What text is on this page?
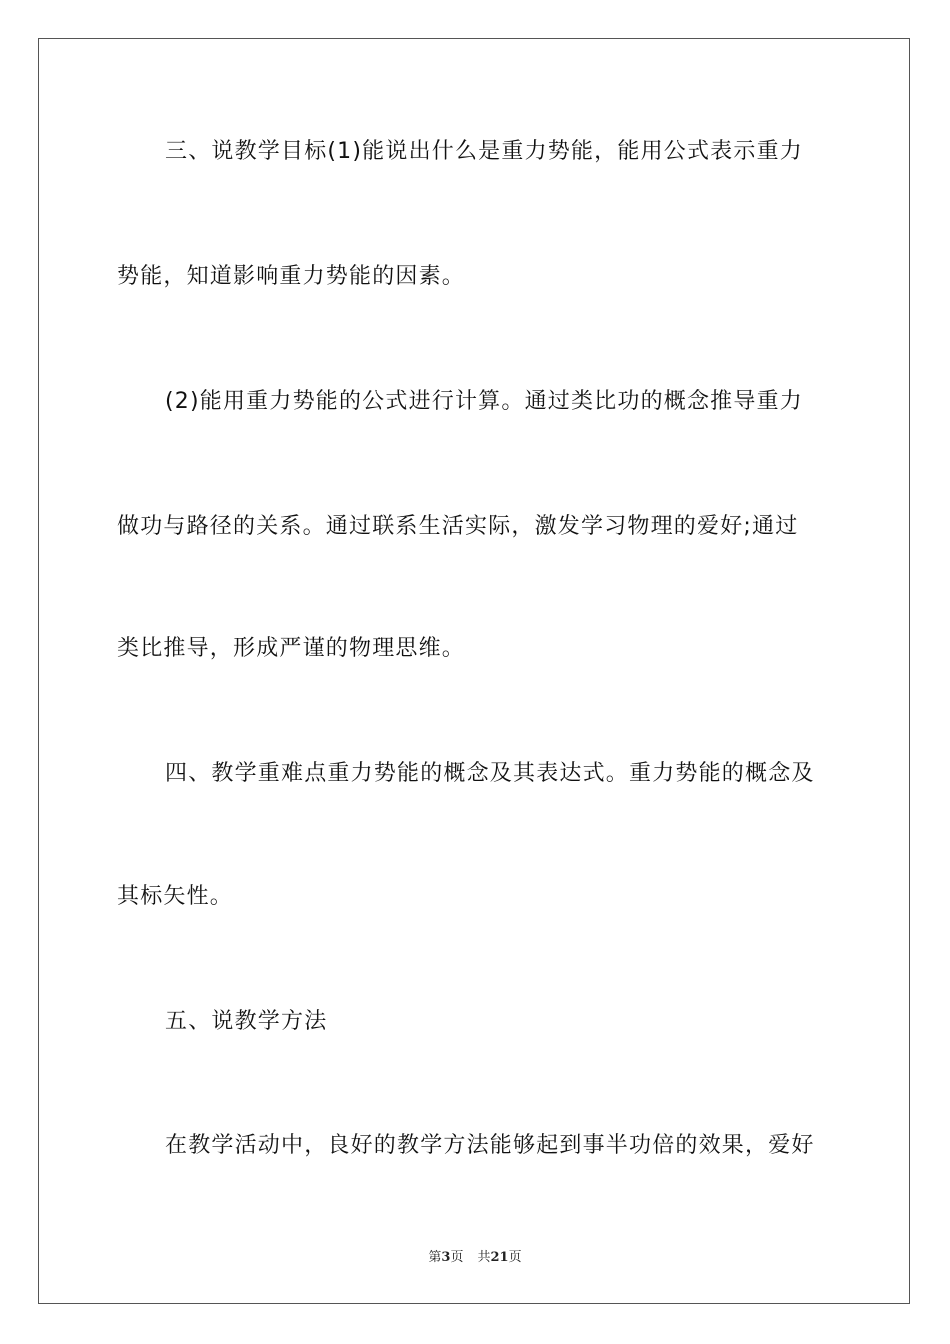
三、说教学目标(1)能说出什么是重力势能，能用公式表示重力
势能，知道影响重力势能的因素。
(2)能用重力势能的公式进行计算。通过类比功的概念推导重力
做功与路径的关系。通过联系生活实际，激发学习物理的爱好;通过
类比推导，形成严谨的物理思维。
四、教学重难点重力势能的概念及其表达式。重力势能的概念及
其标矢性。
五、说教学方法
在教学活动中，良好的教学方法能够起到事半功倍的效果，爱好
第3页 共21页
